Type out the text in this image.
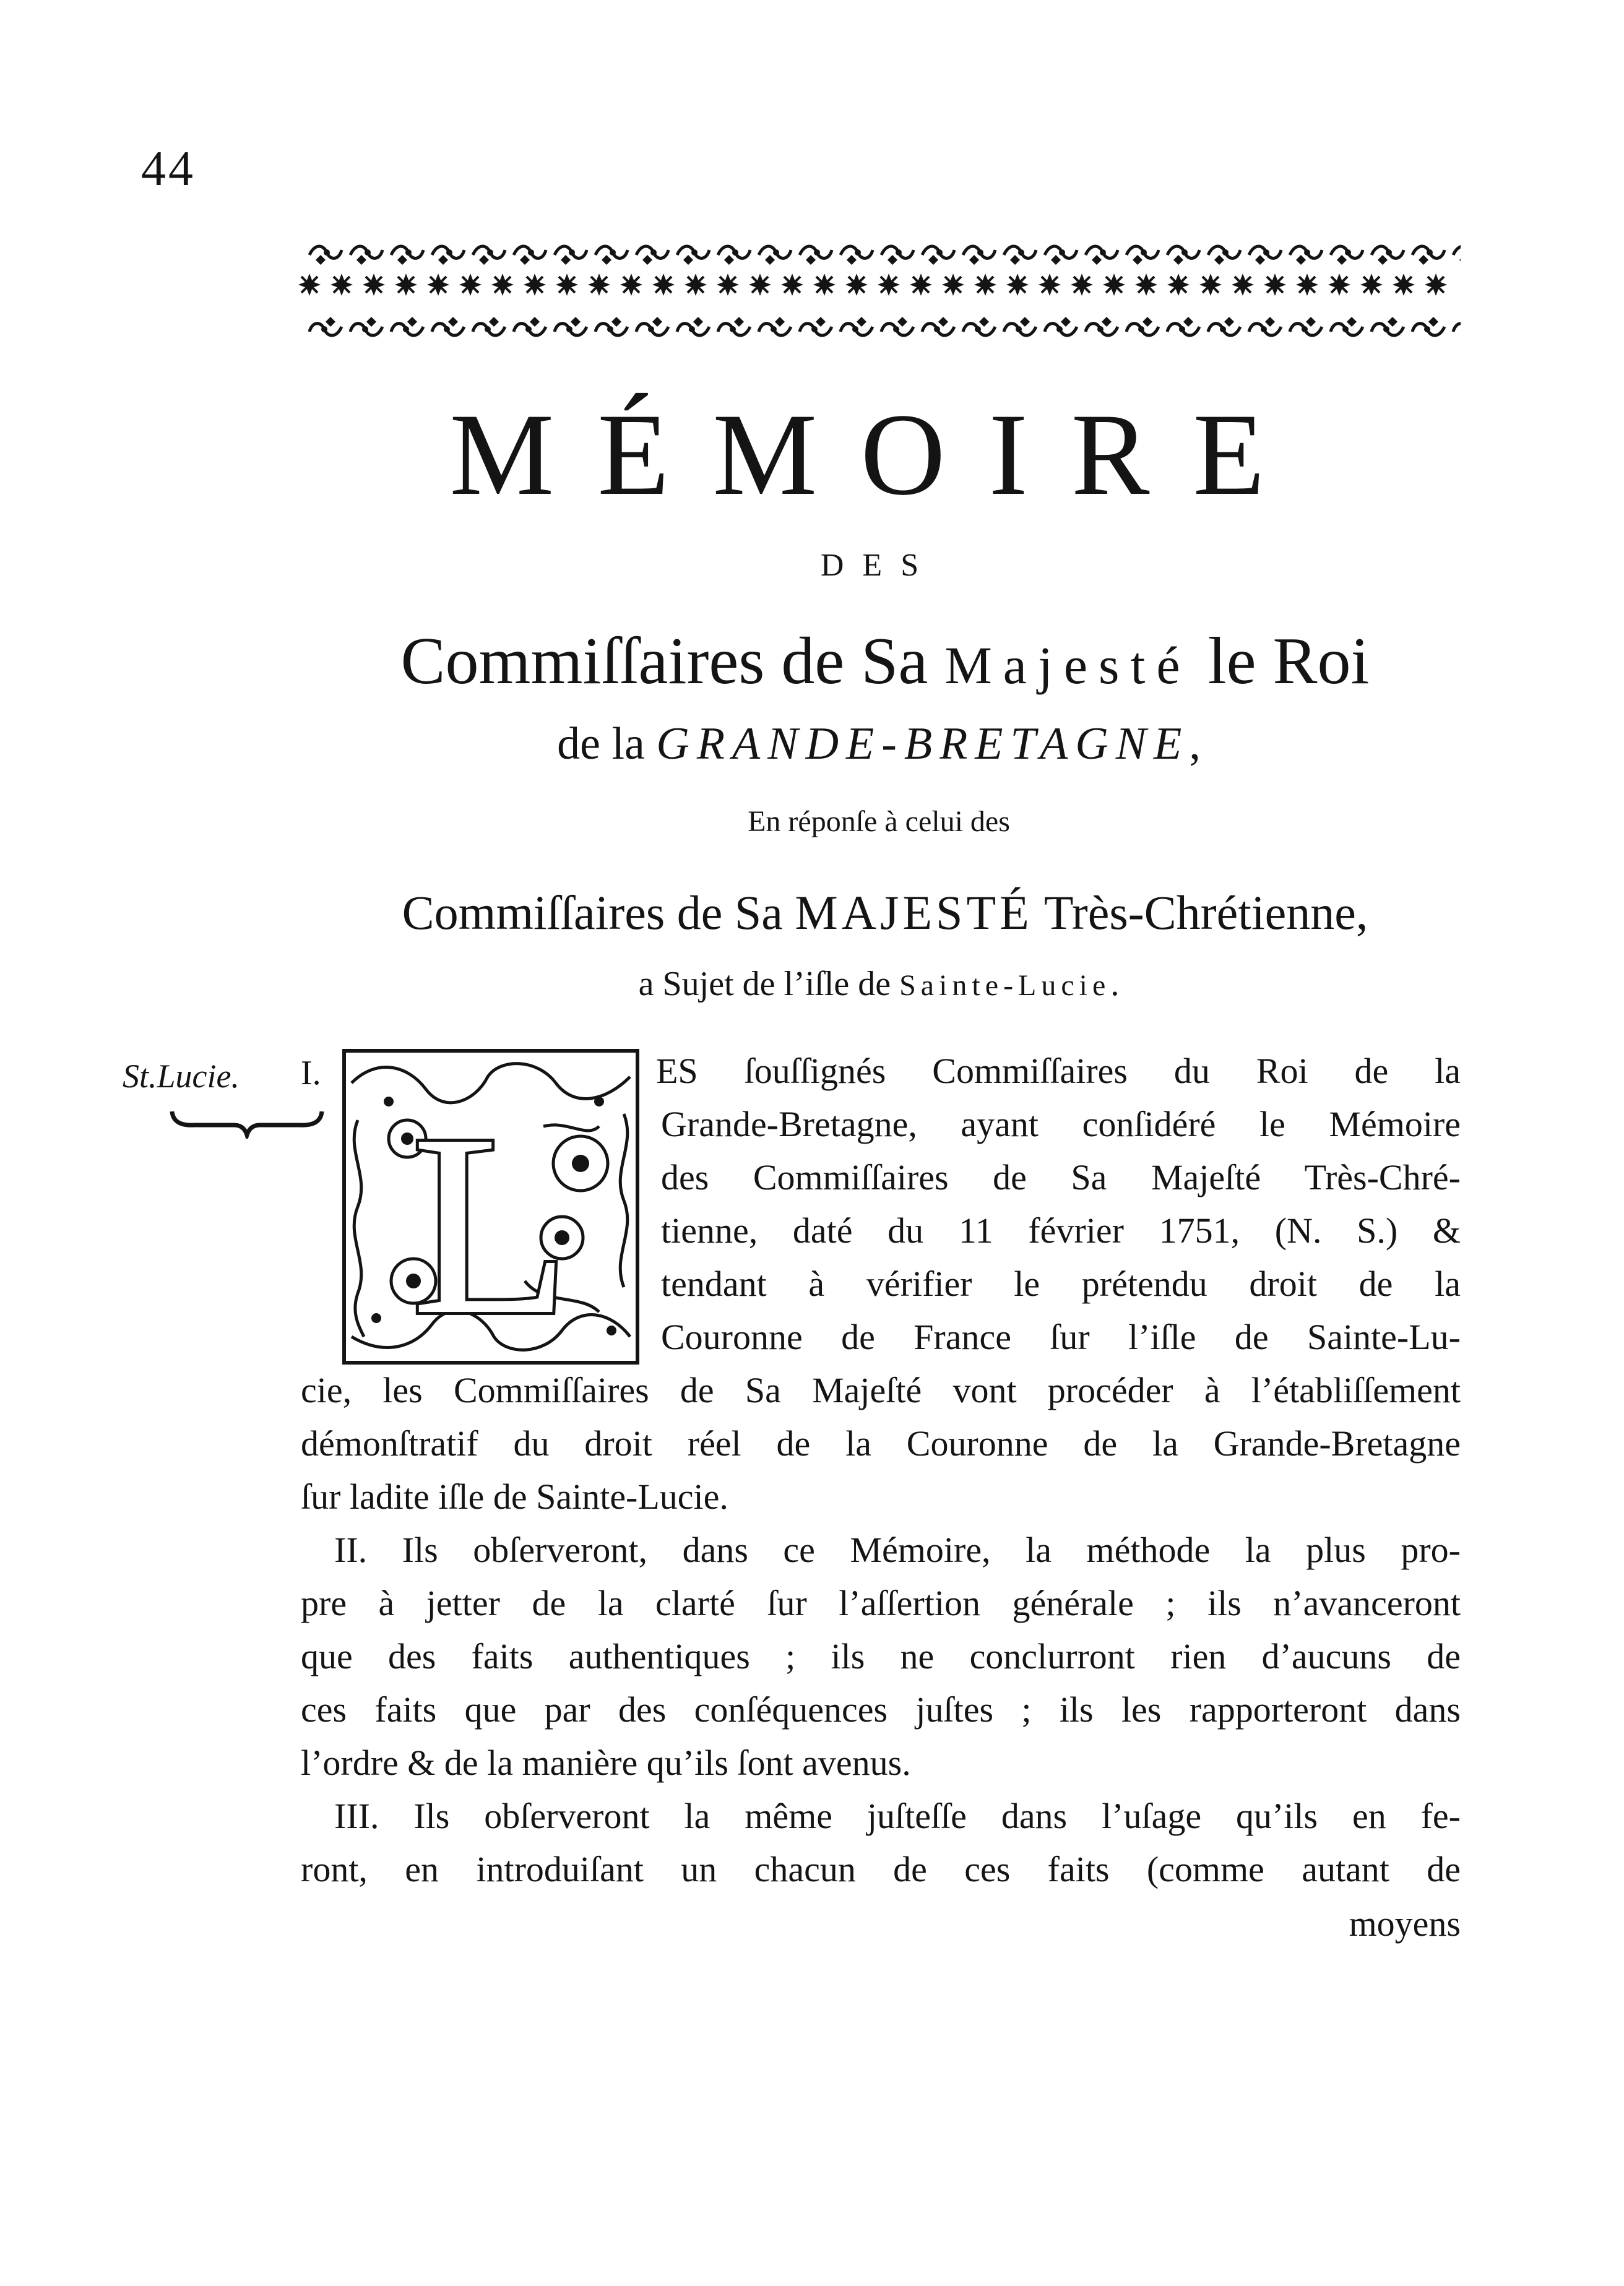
44
MÉMOIRE
DES
Commiſſaires de Sa Majesté le Roi
de la GRANDE-BRETAGNE,
En réponſe à celui des
Commiſſaires de Sa MAJESTÉ Très-Chrétienne,
a Sujet de l’iſle de Sainte-Lucie.
St.Lucie. I.
L
ES ſouſſignés Commiſſaires du Roi de la
Grande-Bretagne, ayant conſidéré le Mémoire
des Commiſſaires de Sa Majeſté Très-Chré-
tienne, daté du 11 février 1751, (N. S.) &
tendant à vérifier le prétendu droit de la
Couronne de France ſur l’iſle de Sainte-Lu-
cie, les Commiſſaires de Sa Majeſté vont procéder à l’établiſſement
démonſtratif du droit réel de la Couronne de la Grande-Bretagne
ſur ladite iſle de Sainte-Lucie.
II. Ils obſerveront, dans ce Mémoire, la méthode la plus pro-
pre à jetter de la clarté ſur l’aſſertion générale ; ils n’avanceront
que des faits authentiques ; ils ne conclurront rien d’aucuns de
ces faits que par des conſéquences juſtes ; ils les rapporteront dans
l’ordre & de la manière qu’ils ſont avenus.
III. Ils obſerveront la même juſteſſe dans l’uſage qu’ils en fe-
ront, en introduiſant un chacun de ces faits (comme autant de
moyens
